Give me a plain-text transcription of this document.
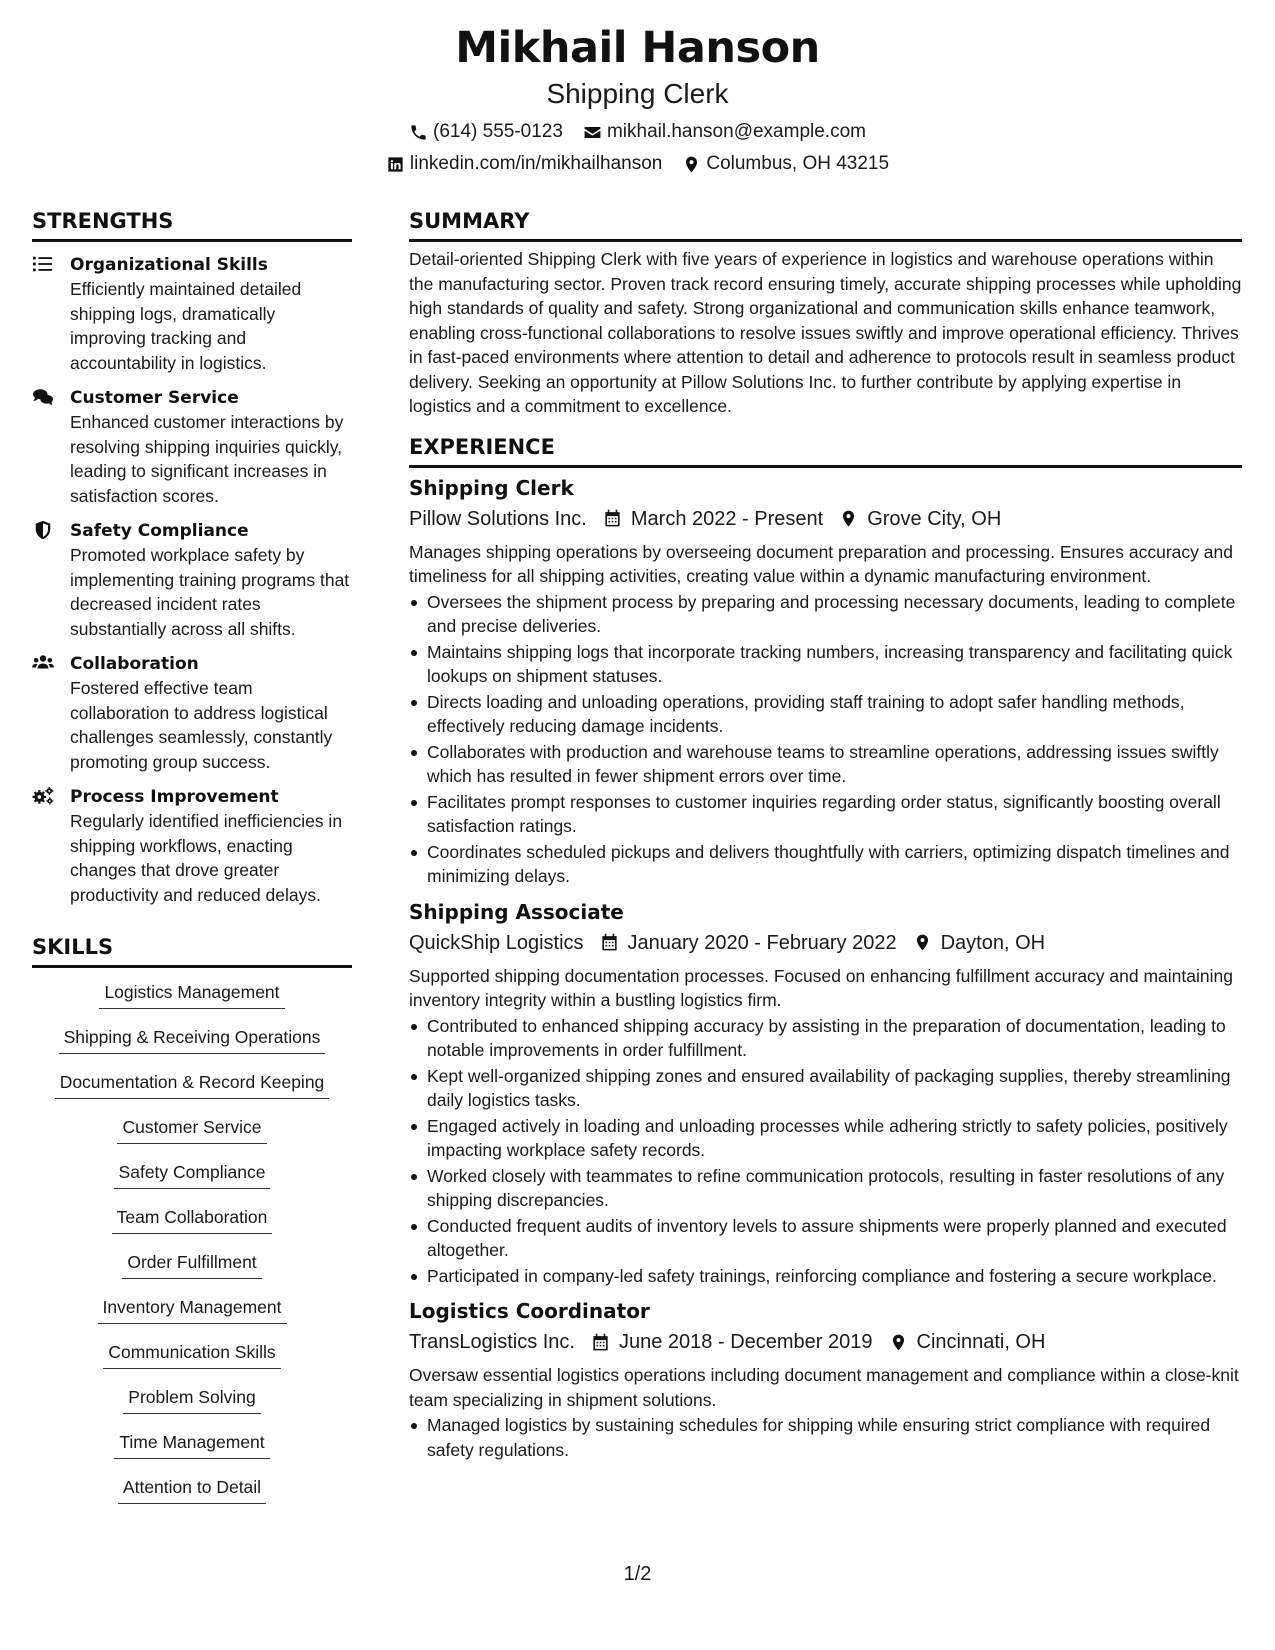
Mikhail Hanson
Shipping Clerk
(614) 555-0123 mikhail.hanson@example.com
linkedin.com/in/mikhailhanson Columbus, OH 43215
STRENGTHS
Organizational Skills
Efficiently maintained detailed shipping logs, dramatically improving tracking and accountability in logistics.
Customer Service
Enhanced customer interactions by resolving shipping inquiries quickly, leading to significant increases in satisfaction scores.
Safety Compliance
Promoted workplace safety by implementing training programs that decreased incident rates substantially across all shifts.
Collaboration
Fostered effective team collaboration to address logistical challenges seamlessly, constantly promoting group success.
Process Improvement
Regularly identified inefficiencies in shipping workflows, enacting changes that drove greater productivity and reduced delays.
SKILLS
Logistics Management
Shipping & Receiving Operations
Documentation & Record Keeping
Customer Service
Safety Compliance
Team Collaboration
Order Fulfillment
Inventory Management
Communication Skills
Problem Solving
Time Management
Attention to Detail
SUMMARY
Detail-oriented Shipping Clerk with five years of experience in logistics and warehouse operations within the manufacturing sector. Proven track record ensuring timely, accurate shipping processes while upholding high standards of quality and safety. Strong organizational and communication skills enhance teamwork, enabling cross-functional collaborations to resolve issues swiftly and improve operational efficiency. Thrives in fast-paced environments where attention to detail and adherence to protocols result in seamless product delivery. Seeking an opportunity at Pillow Solutions Inc. to further contribute by applying expertise in logistics and a commitment to excellence.
EXPERIENCE
Shipping Clerk
Pillow Solutions Inc. March 2022 - Present Grove City, OH
Manages shipping operations by overseeing document preparation and processing. Ensures accuracy and timeliness for all shipping activities, creating value within a dynamic manufacturing environment.
Oversees the shipment process by preparing and processing necessary documents, leading to complete and precise deliveries.
Maintains shipping logs that incorporate tracking numbers, increasing transparency and facilitating quick lookups on shipment statuses.
Directs loading and unloading operations, providing staff training to adopt safer handling methods, effectively reducing damage incidents.
Collaborates with production and warehouse teams to streamline operations, addressing issues swiftly which has resulted in fewer shipment errors over time.
Facilitates prompt responses to customer inquiries regarding order status, significantly boosting overall satisfaction ratings.
Coordinates scheduled pickups and delivers thoughtfully with carriers, optimizing dispatch timelines and minimizing delays.
Shipping Associate
QuickShip Logistics January 2020 - February 2022 Dayton, OH
Supported shipping documentation processes. Focused on enhancing fulfillment accuracy and maintaining inventory integrity within a bustling logistics firm.
Contributed to enhanced shipping accuracy by assisting in the preparation of documentation, leading to notable improvements in order fulfillment.
Kept well-organized shipping zones and ensured availability of packaging supplies, thereby streamlining daily logistics tasks.
Engaged actively in loading and unloading processes while adhering strictly to safety policies, positively impacting workplace safety records.
Worked closely with teammates to refine communication protocols, resulting in faster resolutions of any shipping discrepancies.
Conducted frequent audits of inventory levels to assure shipments were properly planned and executed altogether.
Participated in company-led safety trainings, reinforcing compliance and fostering a secure workplace.
Logistics Coordinator
TransLogistics Inc. June 2018 - December 2019 Cincinnati, OH
Oversaw essential logistics operations including document management and compliance within a close-knit team specializing in shipment solutions.
Managed logistics by sustaining schedules for shipping while ensuring strict compliance with required safety regulations.
1/2
